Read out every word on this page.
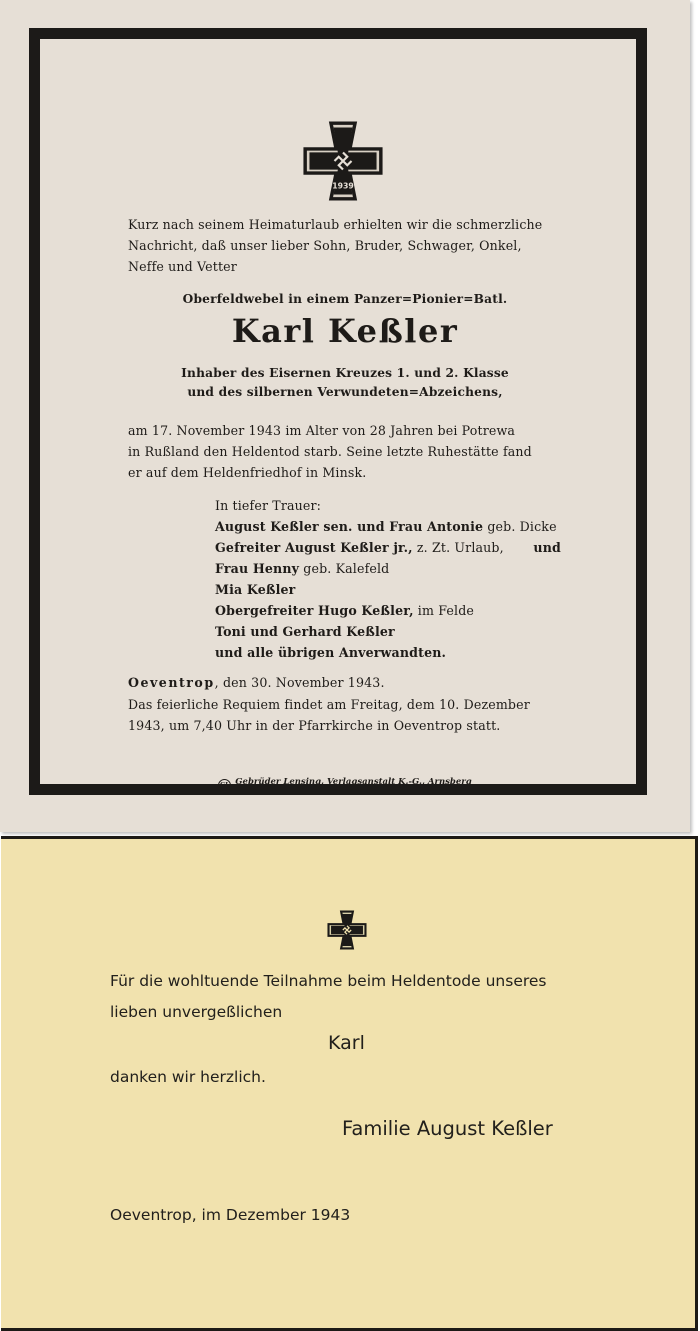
1939

Kurz nach seinem Heimaturlaub erhielten wir die schmerzliche

Nachricht, daß unser lieber Sohn, Bruder, Schwager, Onkel,

Neffe und Vetter

Oberfeldwebel in einem Panzer=Pionier=Batl.

Karl Keßler

Inhaber des Eisernen Kreuzes 1. und 2. Klasse

und des silbernen Verwundeten=Abzeichens,

am 17. November 1943 im Alter von 28 Jahren bei Potrewa

in Rußland den Heldentod starb. Seine letzte Ruhestätte fand

er auf dem Heldenfriedhof in Minsk.

In tiefer Trauer:

August Keßler sen. und Frau Antonie geb. Dicke

Gefreiter August Keßler jr., z. Zt. Urlaub, und

Frau Henny geb. Kalefeld

Mia Keßler

Obergefreiter Hugo Keßler, im Felde

Toni und Gerhard Keßler

und alle übrigen Anverwandten.

Oeventrop, den 30. November 1943.

Das feierliche Requiem findet am Freitag, dem 10. Dezember

1943, um 7,40 Uhr in der Pfarrkirche in Oeventrop statt.

GL Gebrüder Lensing, Verlagsanstalt K.-G., Arnsberg

Für die wohltuende Teilnahme beim Heldentode unseres

lieben unvergeßlichen

Karl

danken wir herzlich.

Familie August Keßler

Oeventrop, im Dezember 1943
